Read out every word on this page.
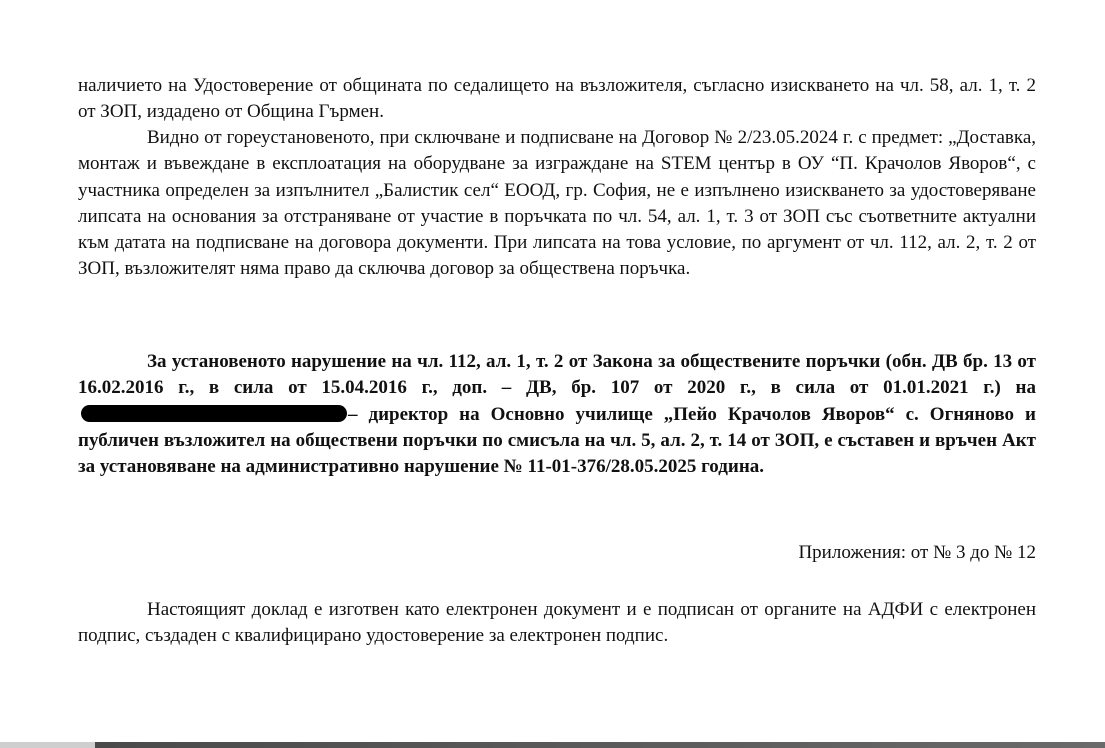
наличието на Удостоверение от общината по седалището на възложителя, съгласно изискването на чл. 58, ал. 1, т. 2 от ЗОП, издадено от Община Гърмен.

Видно от гореустановеното, при сключване и подписване на Договор № 2/23.05.2024 г. с предмет: „Доставка, монтаж и въвеждане в експлоатация на оборудване за изграждане на STEM център в ОУ “П. Крачолов Яворов“, с участника определен за изпълнител „Балистик сел“ ЕООД, гр. София, не е изпълнено изискването за удостоверяване липсата на основания за отстраняване от участие в поръчката по чл. 54, ал. 1, т. 3 от ЗОП със съответните актуални към датата на подписване на договора документи. При липсата на това условие, по аргумент от чл. 112, ал. 2, т. 2 от ЗОП, възложителят няма право да сключва договор за обществена поръчка.

За установеното нарушение на чл. 112, ал. 1, т. 2 от Закона за обществените поръчки (обн. ДВ бр. 13 от 16.02.2016 г., в сила от 15.04.2016 г., доп. – ДВ, бр. 107 от 2020 г., в сила от 01.01.2021 г.) на– директор на Основно училище „Пейо Крачолов Яворов“ с. Огняново и публичен възложител на обществени поръчки по смисъла на чл. 5, ал. 2, т. 14 от ЗОП, е съставен и връчен Акт за установяване на административно нарушение № 11-01-376/28.05.2025 година.

Приложения: от № 3 до № 12

Настоящият доклад е изготвен като електронен документ и е подписан от органите на АДФИ с електронен подпис, създаден с квалифицирано удостоверение за електронен подпис.
